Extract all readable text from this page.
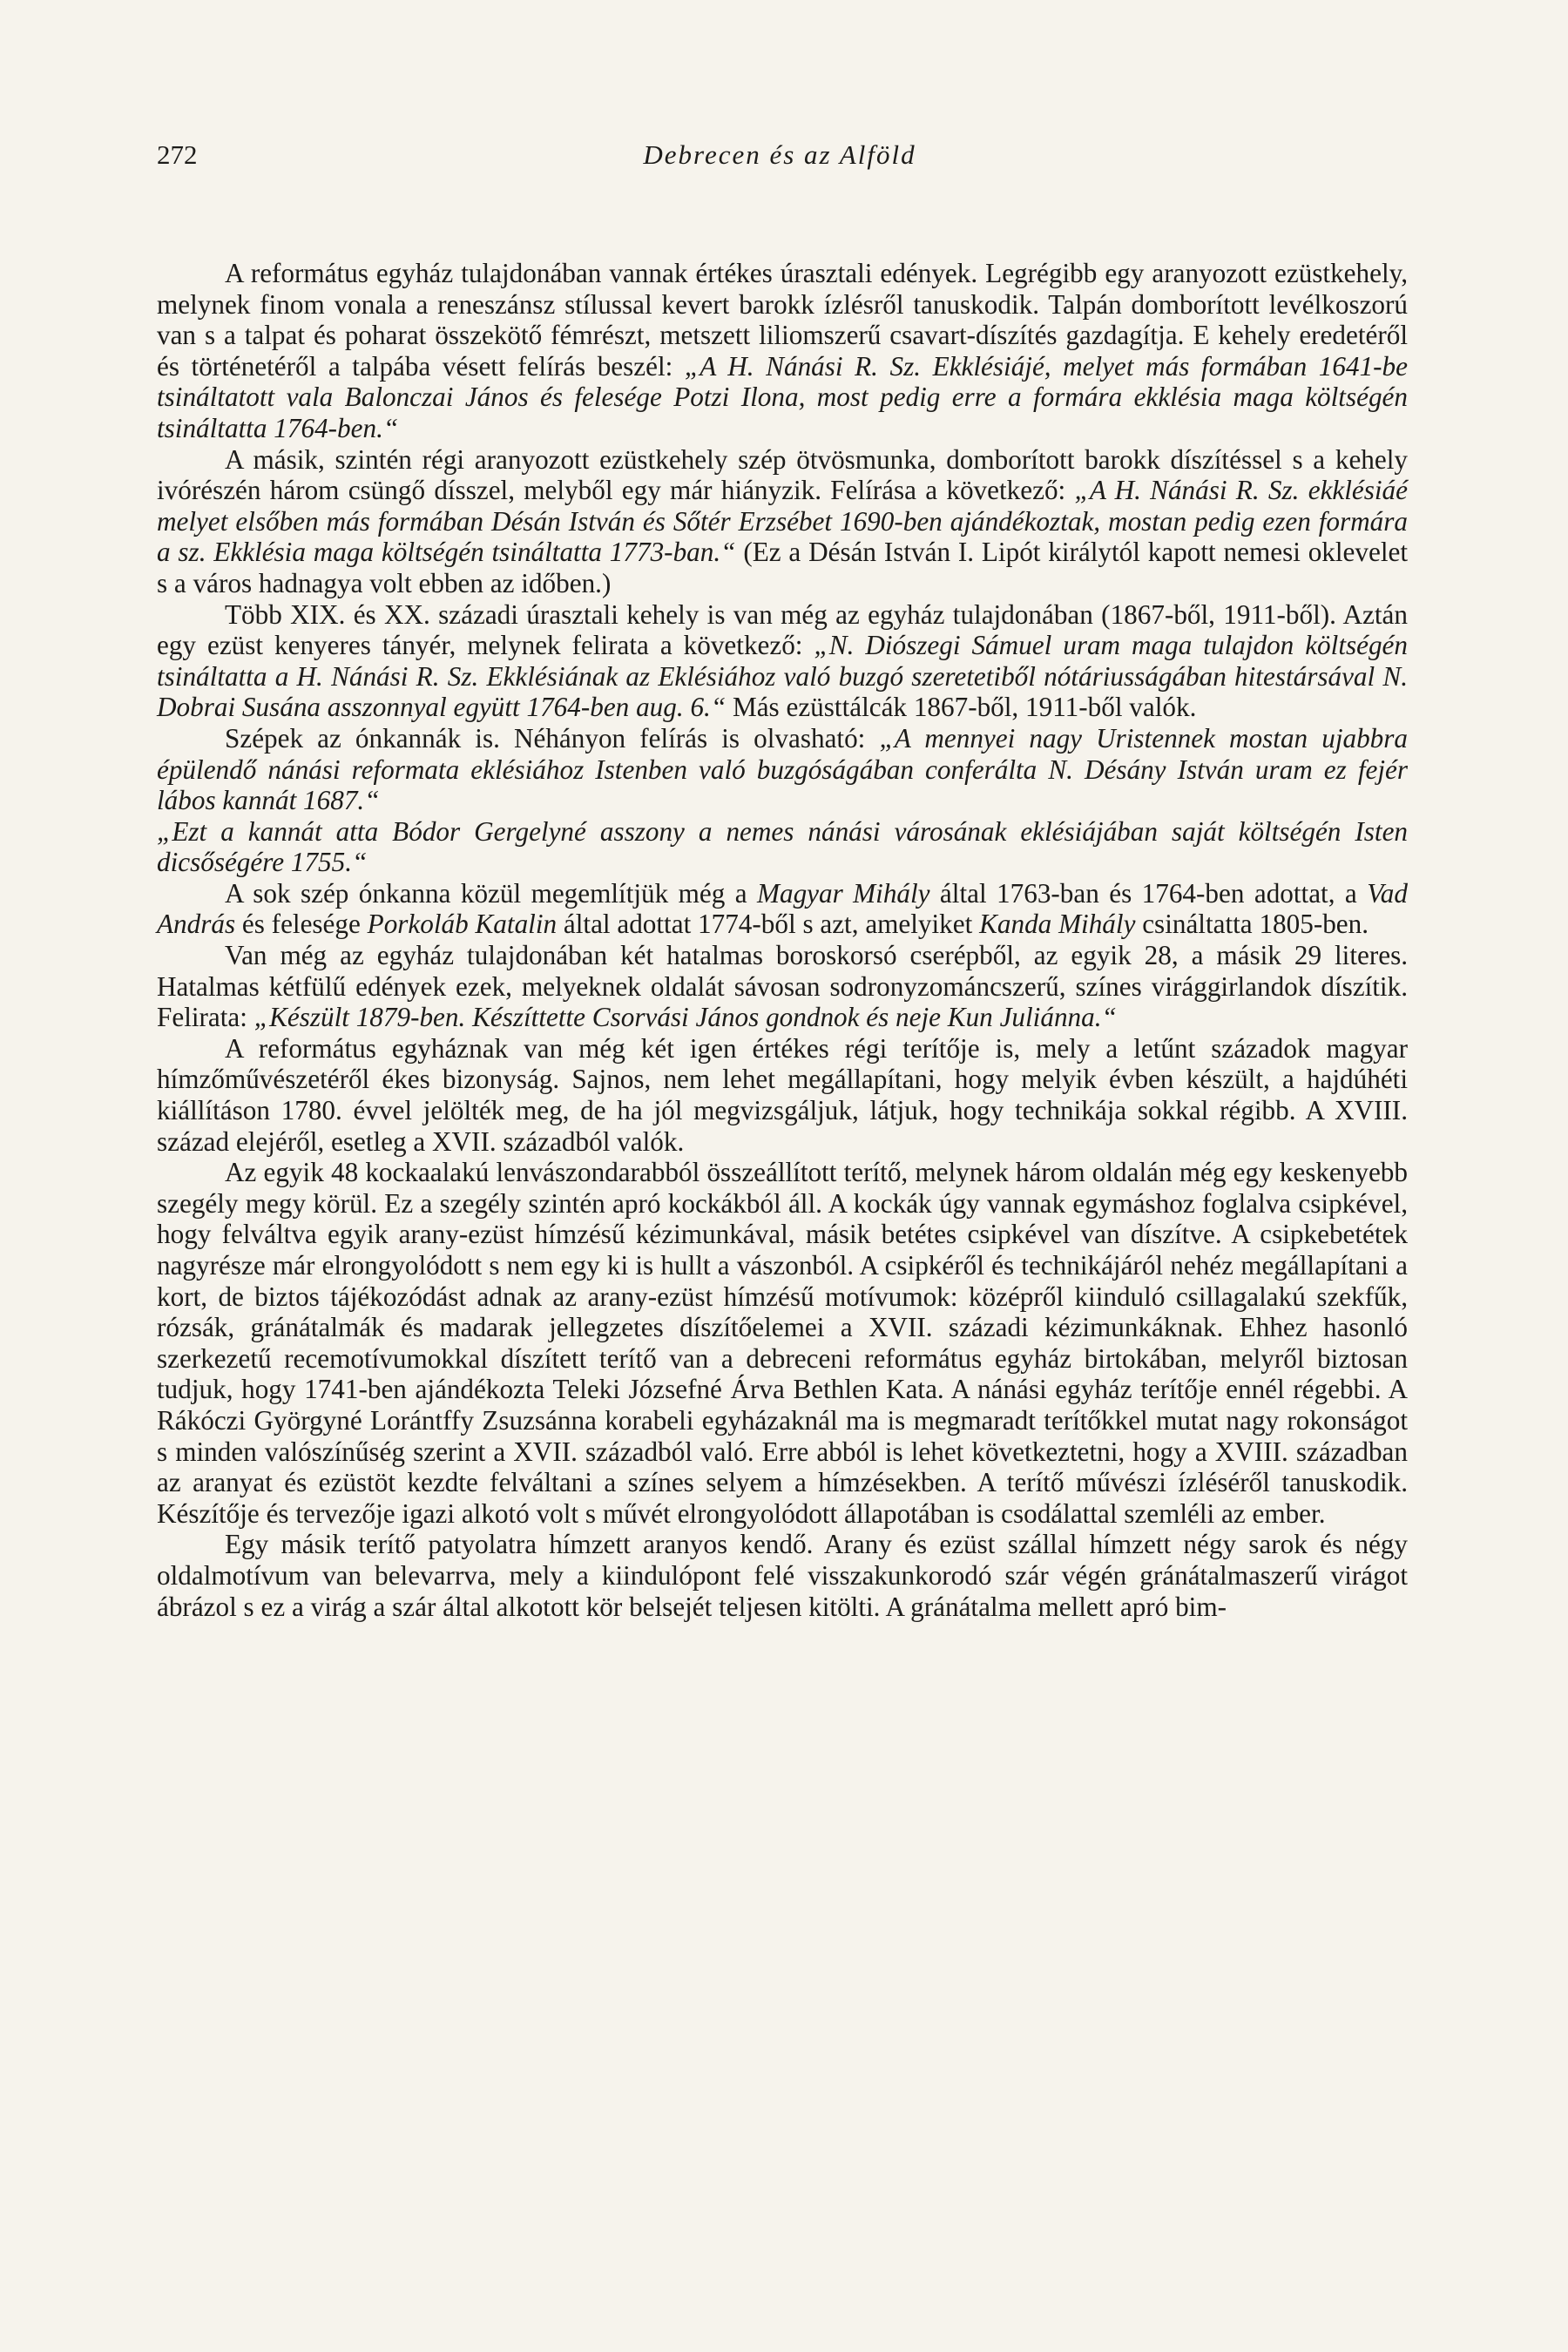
272	Debrecen és az Alföld

A református egyház tulajdonában vannak értékes úrasztali edények. Legrégibb egy aranyozott ezüstkehely, melynek finom vonala a reneszánsz stílussal kevert barokk ízlésről tanuskodik. Talpán domborított levélkoszorú van s a talpat és poharat összekötő fémrészt, metszett liliomszerű csavart-díszítés gazdagítja. E kehely eredetéről és történetéről a talpába vésett felírás beszél: „A H. Nánási R. Sz. Ekklésiájé, melyet más formában 1641-be tsináltatott vala Balonczai János és felesége Potzi Ilona, most pedig erre a formára ekklésia maga költségén tsináltatta 1764-ben.“

A másik, szintén régi aranyozott ezüstkehely szép ötvösmunka, domborított barokk díszítéssel s a kehely ivórészén három csüngő dísszel, melyből egy már hiányzik. Felírása a következő: „A H. Nánási R. Sz. ekklésiáé melyet elsőben más formában Désán István és Sőtér Erzsébet 1690-ben ajándékoztak, mostan pedig ezen formára a sz. Ekklésia maga költségén tsináltatta 1773-ban.“ (Ez a Désán István I. Lipót királytól kapott nemesi oklevelet s a város hadnagya volt ebben az időben.)

Több XIX. és XX. századi úrasztali kehely is van még az egyház tulajdonában (1867-ből, 1911-ből). Aztán egy ezüst kenyeres tányér, melynek felirata a következő: „N. Diószegi Sámuel uram maga tulajdon költségén tsináltatta a H. Nánási R. Sz. Ekklésiának az Eklésiához való buzgó szeretetiből nótáriusságában hitestársával N. Dobrai Susána asszonnyal együtt 1764-ben aug. 6.“ Más ezüsttálcák 1867-ből, 1911-ből valók.

Szépek az ónkannák is. Néhányon felírás is olvasható: „A mennyei nagy Uristennek mostan ujabbra épülendő nánási reformata eklésiához Istenben való buzgóságában conferálta N. Désány István uram ez fejér lábos kannát 1687.“

„Ezt a kannát atta Bódor Gergelyné asszony a nemes nánási városának eklésiájában saját költségén Isten dicsőségére 1755.“

A sok szép ónkanna közül megemlítjük még a Magyar Mihály által 1763-ban és 1764-ben adottat, a Vad András és felesége Porkoláb Katalin által adottat 1774-ből s azt, amelyiket Kanda Mihály csináltatta 1805-ben.

Van még az egyház tulajdonában két hatalmas boroskorsó cserépből, az egyik 28, a másik 29 literes. Hatalmas kétfülű edények ezek, melyeknek oldalát sávosan sodronyzománcszerű, színes virággirlandok díszítik. Felirata: „Készült 1879-ben. Készíttette Csorvási János gondnok és neje Kun Juliánna.“

A református egyháznak van még két igen értékes régi terítője is, mely a letűnt századok magyar hímzőművészetéről ékes bizonyság. Sajnos, nem lehet megállapítani, hogy melyik évben készült, a hajdúhéti kiállításon 1780. évvel jelölték meg, de ha jól megvizsgáljuk, látjuk, hogy technikája sokkal régibb. A XVIII. század elejéről, esetleg a XVII. századból valók.

Az egyik 48 kockaalakú lenvászondarabból összeállított terítő, melynek három oldalán még egy keskenyebb szegély megy körül. Ez a szegély szintén apró kockákból áll. A kockák úgy vannak egymáshoz foglalva csipkével, hogy felváltva egyik arany-ezüst hímzésű kézimunkával, másik betétes csipkével van díszítve. A csipkebetétek nagyrésze már elrongyolódott s nem egy ki is hullt a vászonból. A csipkéről és technikájáról nehéz megállapítani a kort, de biztos tájékozódást adnak az arany-ezüst hímzésű motívumok: középről kiinduló csillagalakú szekfűk, rózsák, gránátalmák és madarak jellegzetes díszítőelemei a XVII. századi kézimunkáknak. Ehhez hasonló szerkezetű recemotívumokkal díszített terítő van a debreceni református egyház birtokában, melyről biztosan tudjuk, hogy 1741-ben ajándékozta Teleki Józsefné Árva Bethlen Kata. A nánási egyház terítője ennél régebbi. A Rákóczi Györgyné Lorántffy Zsuzsánna korabeli egyházaknál ma is megmaradt terítőkkel mutat nagy rokonságot s minden valószínűség szerint a XVII. századból való. Erre abból is lehet következtetni, hogy a XVIII. században az aranyat és ezüstöt kezdte felváltani a színes selyem a hímzésekben. A terítő művészi ízléséről tanuskodik. Készítője és tervezője igazi alkotó volt s művét elrongyolódott állapotában is csodálattal szemléli az ember.

Egy másik terítő patyolatra hímzett aranyos kendő. Arany és ezüst szállal hímzett négy sarok és négy oldalmotívum van belevarrva, mely a kiindulópont felé visszakunkorodó szár végén gránátalmaszerű virágot ábrázol s ez a virág a szár által alkotott kör belsejét teljesen kitölti. A gránátalma mellett apró bim-
